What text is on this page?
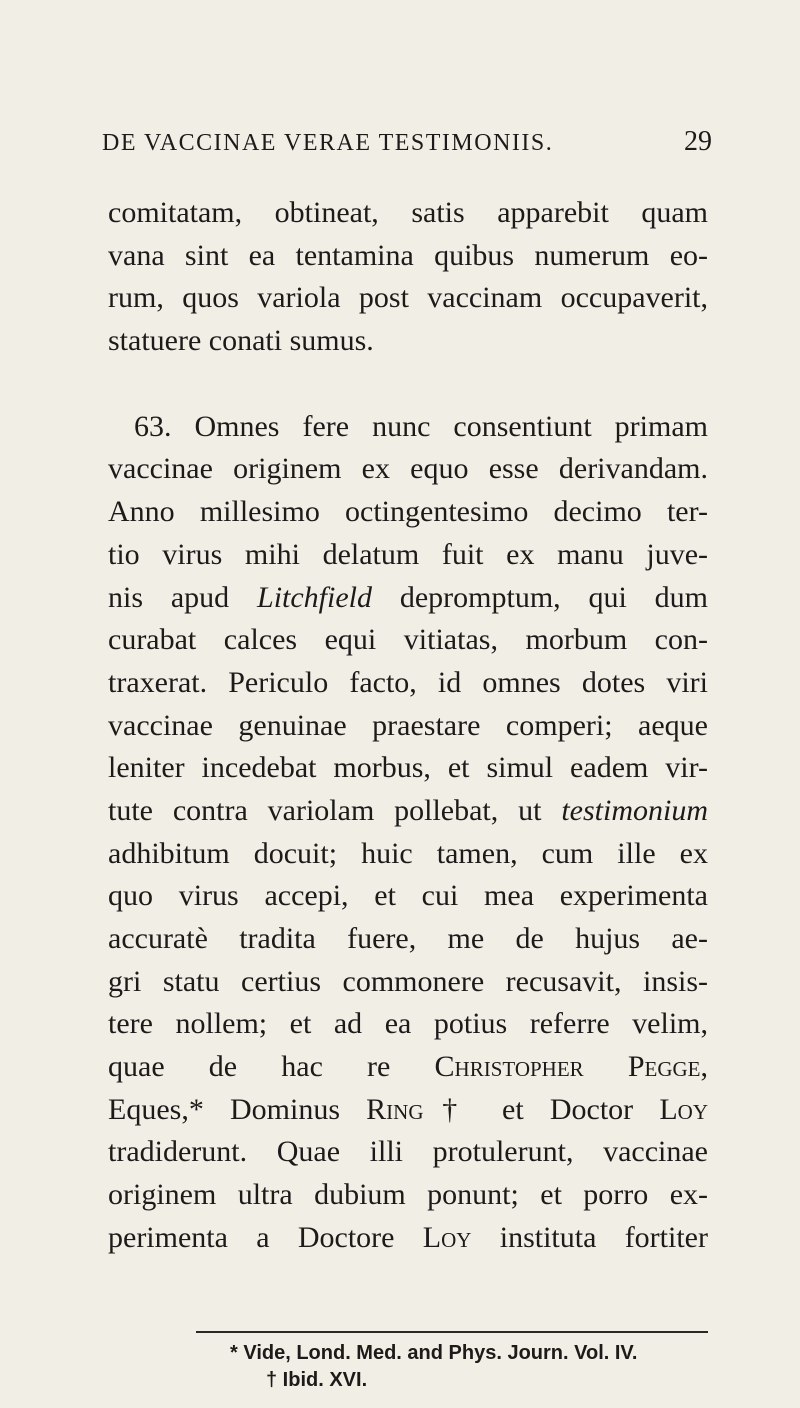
DE VACCINAE VERAE TESTIMONIIS.	29
comitatam, obtineat, satis apparebit quam
vana sint ea tentamina quibus numerum eo-
rum, quos variola post vaccinam occupaverit,
statuere conati sumus.
63. Omnes fere nunc consentiunt primam
vaccinae originem ex equo esse derivandam.
Anno millesimo octingentesimo decimo ter-
tio virus mihi delatum fuit ex manu juve-
nis apud Litchfield depromptum, qui dum
curabat calces equi vitiatas, morbum con-
traxerat. Periculo facto, id omnes dotes viri
vaccinae genuinae praestare comperi; aeque
leniter incedebat morbus, et simul eadem vir-
tute contra variolam pollebat, ut testimonium
adhibitum docuit; huic tamen, cum ille ex
quo virus accepi, et cui mea experimenta
accuratè tradita fuere, me de hujus ae-
gri statu certius commonere recusavit, insis-
tere nollem; et ad ea potius referre velim,
quae de hac re Christopher Pegge,
Eques,* Dominus Ring† et Doctor Loy
tradiderunt. Quae illi protulerunt, vaccinae
originem ultra dubium ponunt; et porro ex-
perimenta a Doctore Loy instituta fortiter
* Vide, Lond. Med. and Phys. Journ. Vol. IV.
† Ibid. XVI.
